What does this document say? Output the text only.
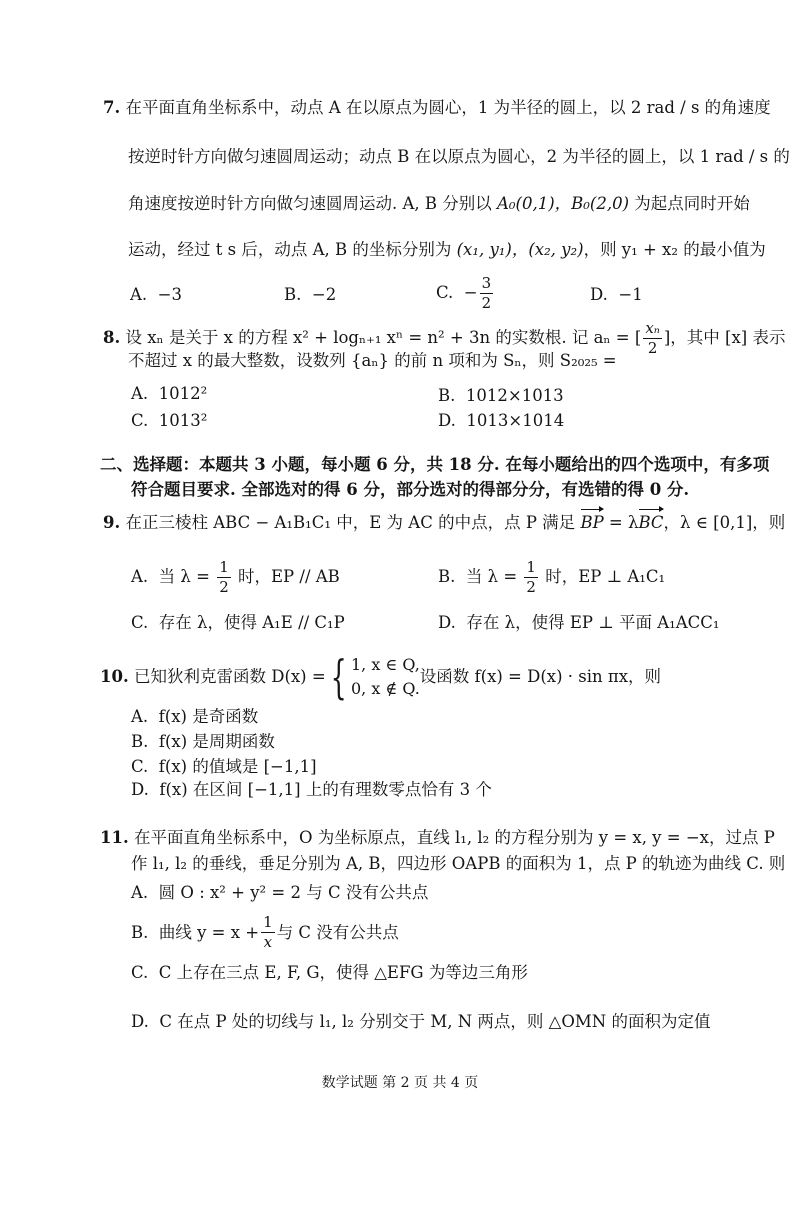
7. 在平面直角坐标系中，动点 A 在以原点为圆心，1 为半径的圆上，以 2 rad / s 的角速度
按逆时针方向做匀速圆周运动；动点 B 在以原点为圆心，2 为半径的圆上，以 1 rad / s 的
角速度按逆时针方向做匀速圆周运动. A, B 分别以 A₀(0,1)，B₀(2,0) 为起点同时开始
运动，经过 t s 后，动点 A, B 的坐标分别为 (x₁, y₁)，(x₂, y₂)，则 y₁ + x₂ 的最小值为
A. −3	B. −2	C. − $\frac{3}{2}$	D. −1
8. 设 xₙ 是关于 x 的方程 x² + logₙ₊₁ xⁿ = n² + 3n 的实数根. 记 aₙ = [ $\frac{\text{xₙ}}{2}$ ]，其中 [x] 表示
不超过 x 的最大整数，设数列 {aₙ} 的前 n 项和为 Sₙ，则 S₂₀₂₅ =
A. 1012²	B. 1012×1013
C. 1013²	D. 1013×1014
二、选择题：本题共 3 小题，每小题 6 分，共 18 分. 在每小题给出的四个选项中，有多项
符合题目要求. 全部选对的得 6 分，部分选对的得部分分，有选错的得 0 分.
9. 在正三棱柱 ABC − A₁B₁C₁ 中，E 为 AC 的中点，点 P 满足 BP = λBC，λ ∈ [0,1]，则
A. 当 $\lambda = \frac{1}{2}$ 时，EP // AB	B. 当 $\lambda = \frac{1}{2}$ 时，EP ⊥ A₁C₁
C. 存在 λ，使得 A₁E // C₁P	D. 存在 λ，使得 EP ⊥ 平面 A₁ACC₁
10.
已知狄利克雷函数 D(x) = { 1, x ∈ Q,
0, x ∉ Q.
设函数 f(x) = D(x) · sin πx，则
A. f(x) 是奇函数
B. f(x) 是周期函数
C. f(x) 的值域是 [−1,1]
D. f(x) 在区间 [−1,1] 上的有理数零点恰有 3 个
11. 在平面直角坐标系中，O 为坐标原点，直线 l₁, l₂ 的方程分别为 y = x, y = −x，过点 P
作 l₁, l₂ 的垂线，垂足分别为 A, B，四边形 OAPB 的面积为 1，点 P 的轨迹为曲线 C. 则
A. 圆 O : x² + y² = 2 与 C 没有公共点
B.
曲线 $y = x + \frac{1}{x}$ 与 C 没有公共点
C. C 上存在三点 E, F, G，使得 △EFG 为等边三角形
D. C 在点 P 处的切线与 l₁, l₂ 分别交于 M, N 两点，则 △OMN 的面积为定值
数学试题 第 2 页 共 4 页
